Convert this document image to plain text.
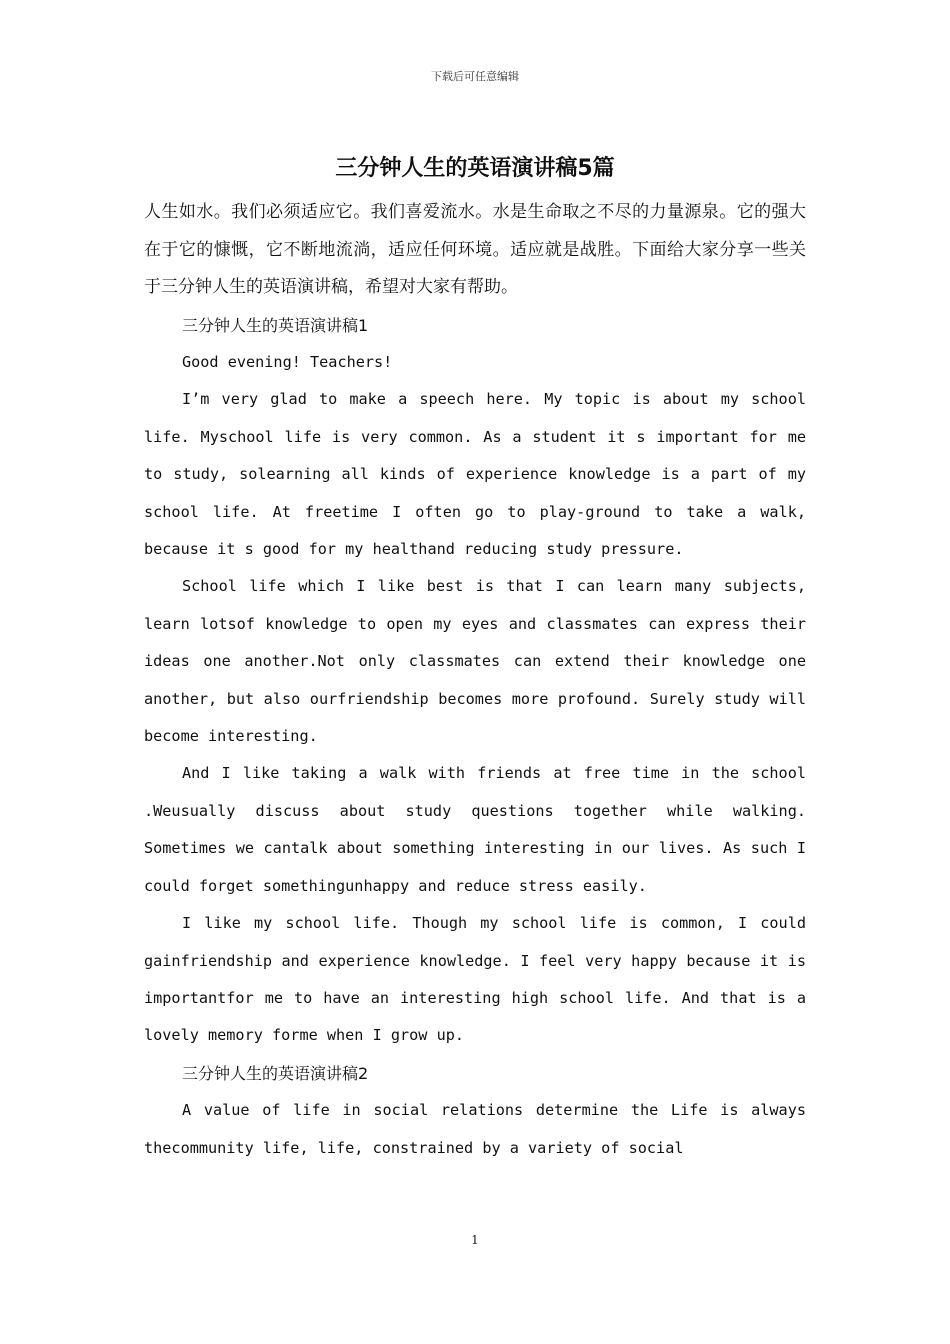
下载后可任意编辑
三分钟人生的英语演讲稿5篇

人生如水。我们必须适应它。我们喜爱流水。水是生命取之不尽的力量源泉。它的强大在于它的慷慨，它不断地流淌，适应任何环境。适应就是战胜。下面给大家分享一些关于三分钟人生的英语演讲稿，希望对大家有帮助。

三分钟人生的英语演讲稿1

Good evening! Teachers!

I’m very glad to make a speech here. My topic is about my school life. Myschool life is very common. As a student it s important for me to study, solearning all kinds of experience knowledge is a part of my school life. At freetime I often go to play-ground to take a walk, because it s good for my healthand reducing study pressure.

School life which I like best is that I can learn many subjects, learn lotsof knowledge to open my eyes and classmates can express their ideas one another.Not only classmates can extend their knowledge one another, but also ourfriendship becomes more profound. Surely study will become interesting.

And I like taking a walk with friends at free time in the school .Weusually discuss about study questions together while walking. Sometimes we cantalk about something interesting in our lives. As such I could forget somethingunhappy and reduce stress easily.

I like my school life. Though my school life is common, I could gainfriendship and experience knowledge. I feel very happy because it is importantfor me to have an interesting high school life. And that is a lovely memory forme when I grow up.

三分钟人生的英语演讲稿2

A value of life in social relations determine the Life is always thecommunity life, life, constrained by a variety of social

1
